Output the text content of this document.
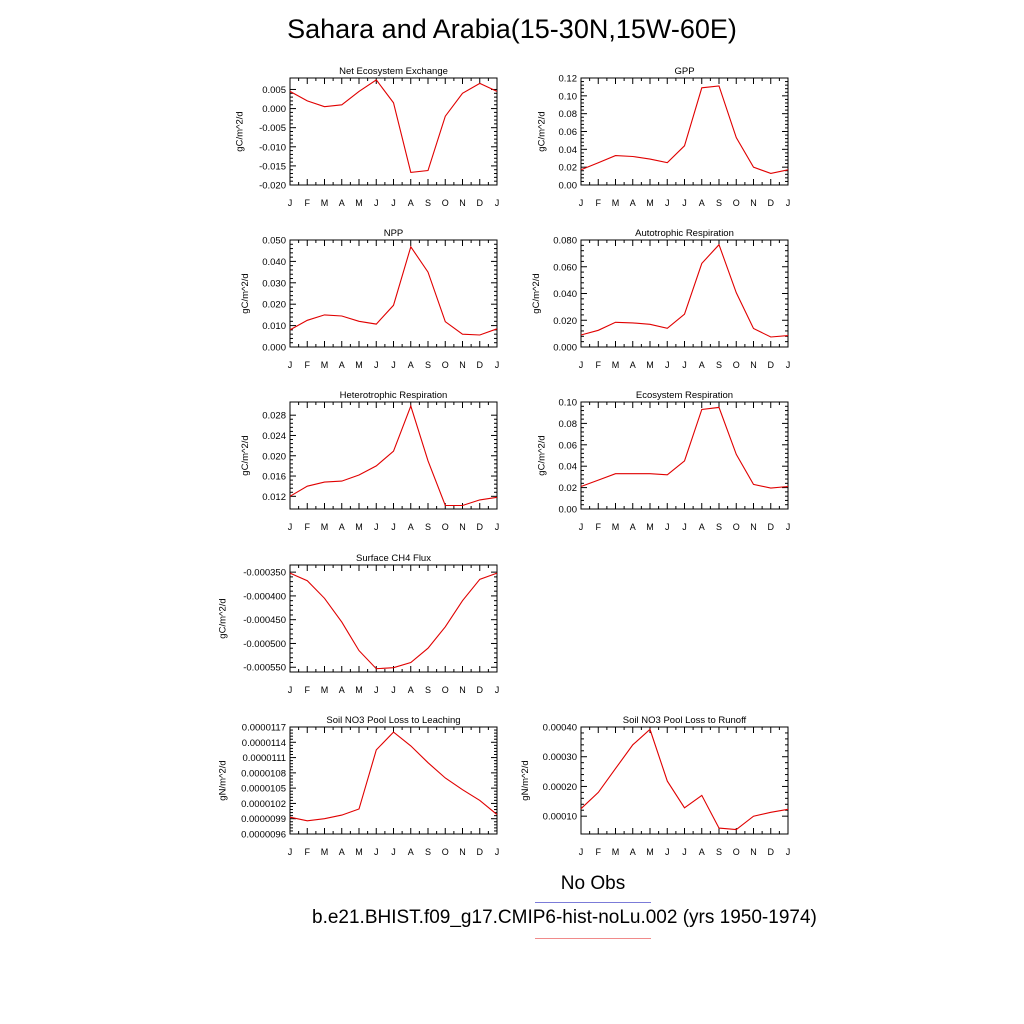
Sahara and Arabia(15-30N,15W-60E)
J F M A M J J A S O N D J
-0.020
-0.015
-0.010
-0.005
0.000
0.005
Net Ecosystem Exchange
gC/m^2/d
J F M A M J J A S O N D J
0.00
0.02
0.04
0.06
0.08
0.10
0.12
GPP
gC/m^2/d
J F M A M J J A S O N D J
0.000
0.010
0.020
0.030
0.040
0.050
NPP
gC/m^2/d
J F M A M J J A S O N D J
0.000
0.020
0.040
0.060
0.080
Autotrophic Respiration
gC/m^2/d
J F M A M J J A S O N D J
0.012
0.016
0.020
0.024
0.028
Heterotrophic Respiration
gC/m^2/d
J F M A M J J A S O N D J
0.00
0.02
0.04
0.06
0.08
0.10
Ecosystem Respiration
gC/m^2/d
J F M A M J J A S O N D J
-0.000550
-0.000500
-0.000450
-0.000400
-0.000350
Surface CH4 Flux
gC/m^2/d
J F M A M J J A S O N D J
0.0000096
0.0000099
0.0000102
0.0000105
0.0000108
0.0000111
0.0000114
0.0000117
Soil NO3 Pool Loss to Leaching
gN/m^2/d
J F M A M J J A S O N D J
0.00010
0.00020
0.00030
0.00040
Soil NO3 Pool Loss to Runoff
gN/m^2/d
No Obs
b.e21.BHIST.f09_g17.CMIP6-hist-noLu.002 (yrs 1950-1974)
